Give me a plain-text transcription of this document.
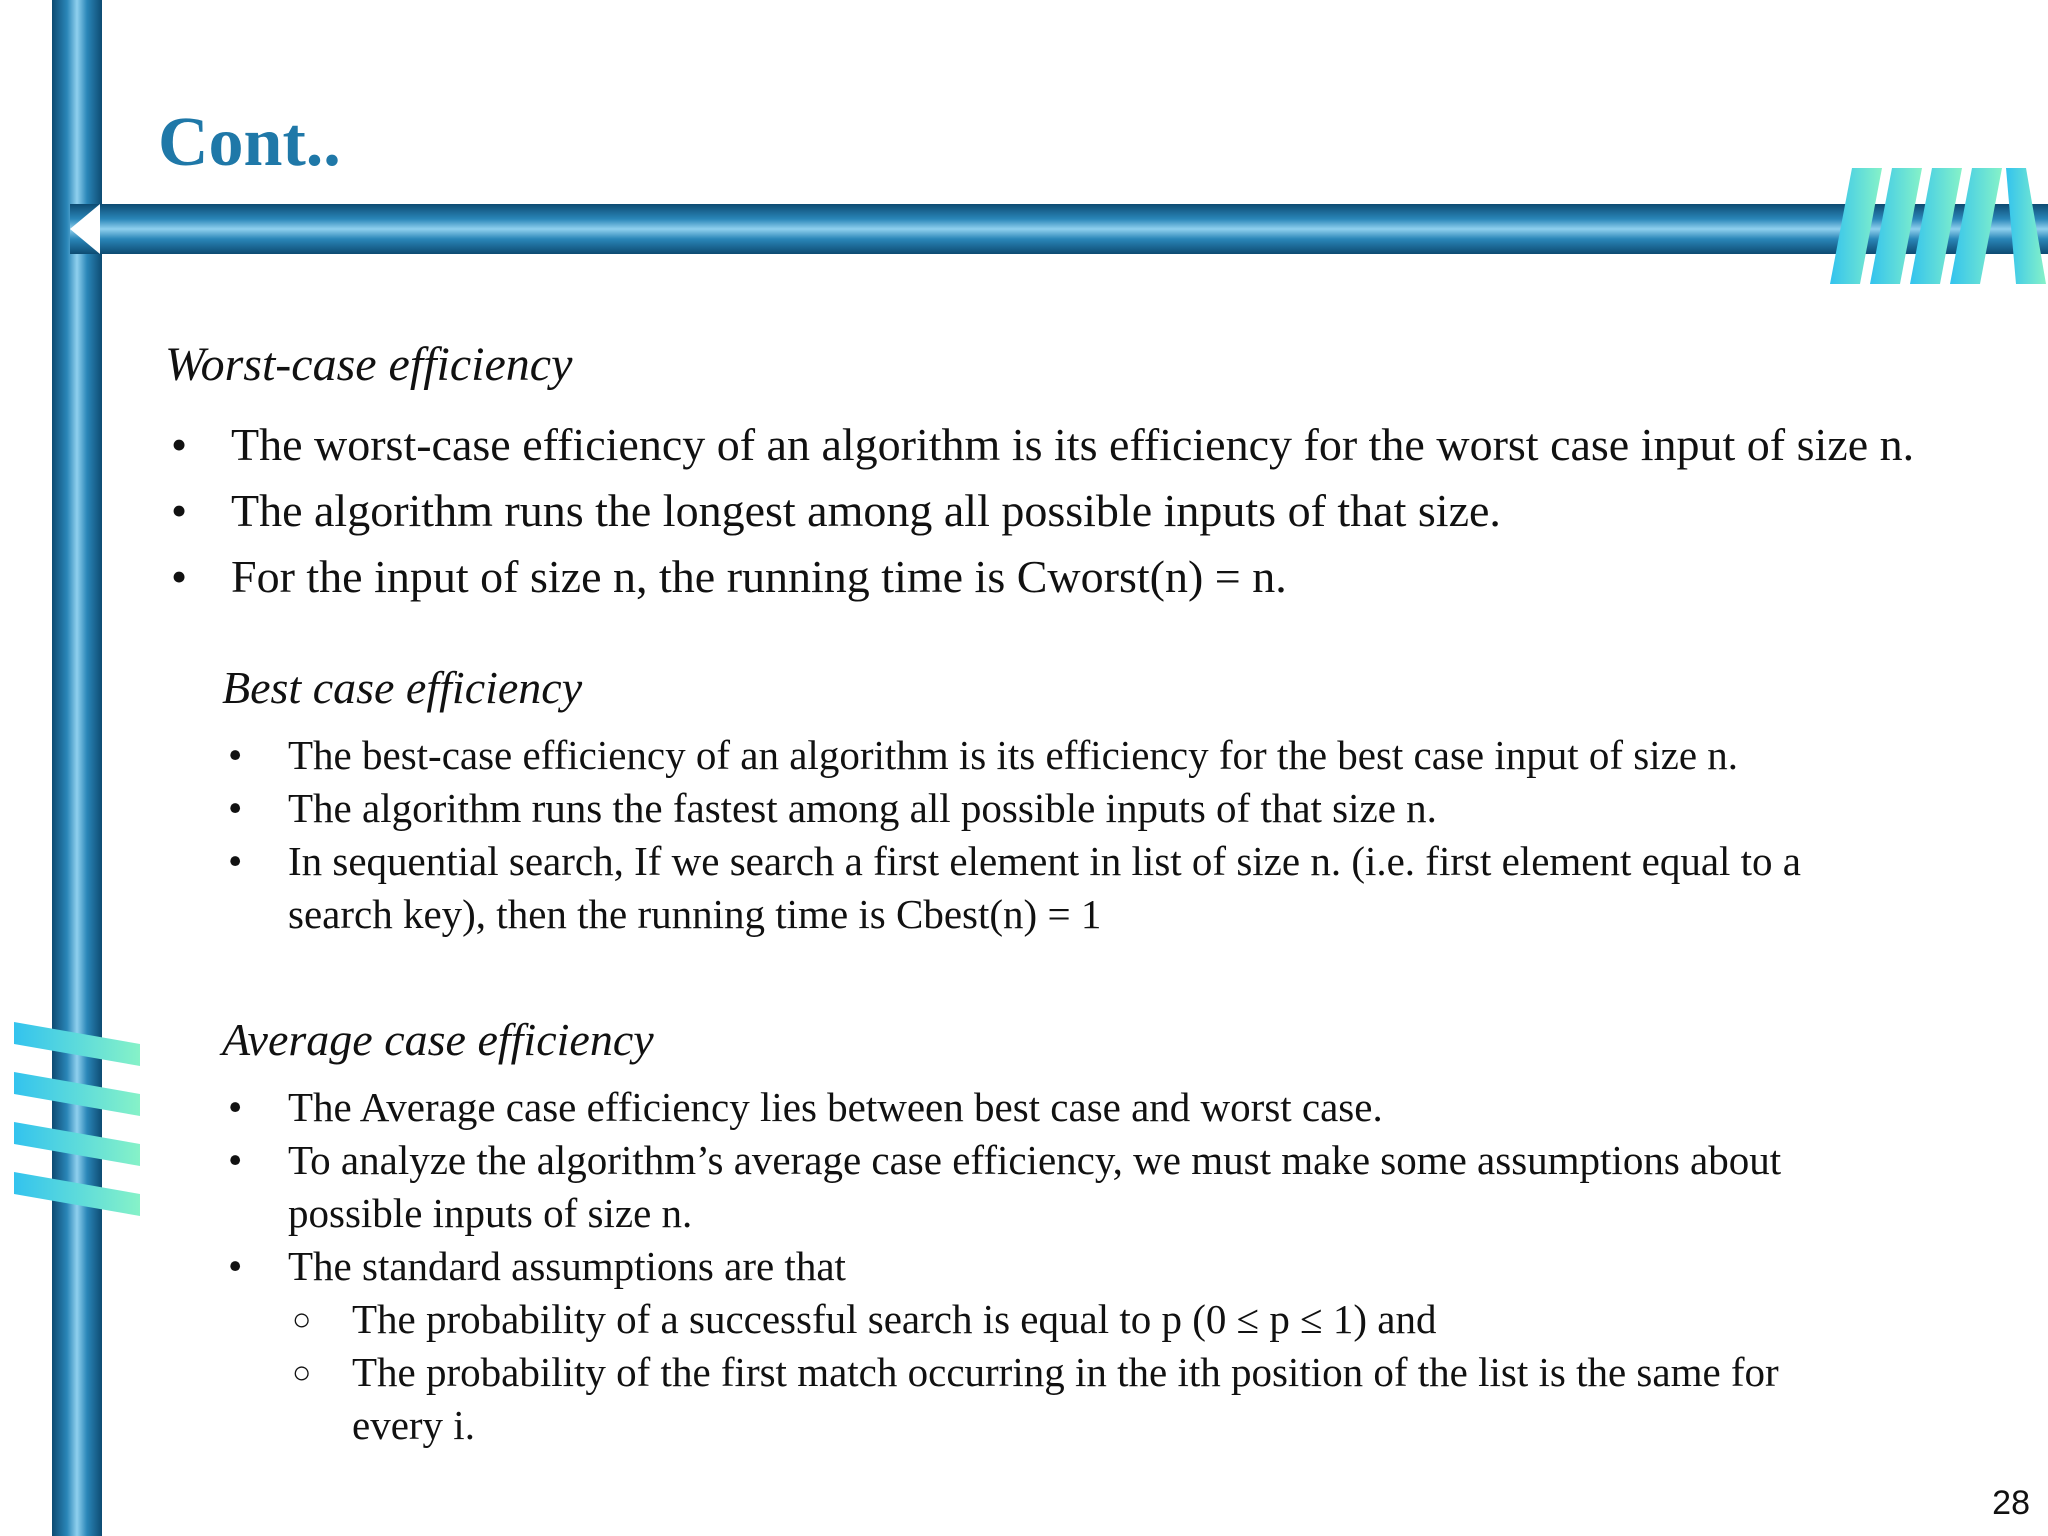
Cont..
Worst-case efficiency
• The worst-case efficiency of an algorithm is its efficiency for the worst case input of size n.
• The algorithm runs the longest among all possible inputs of that size.
• For the input of size n, the running time is Cworst(n) = n.
Best case efficiency
• The best-case efficiency of an algorithm is its efficiency for the best case input of size n.
• The algorithm runs the fastest among all possible inputs of that size n.
• In sequential search, If we search a first element in list of size n. (i.e. first element equal to a search key), then the running time is Cbest(n) = 1
Average case efficiency
• The Average case efficiency lies between best case and worst case.
• To analyze the algorithm’s average case efficiency, we must make some assumptions about possible inputs of size n.
• The standard assumptions are that
○ The probability of a successful search is equal to p (0 ≤ p ≤ 1) and
○ The probability of the first match occurring in the ith position of the list is the same for every i.
28
